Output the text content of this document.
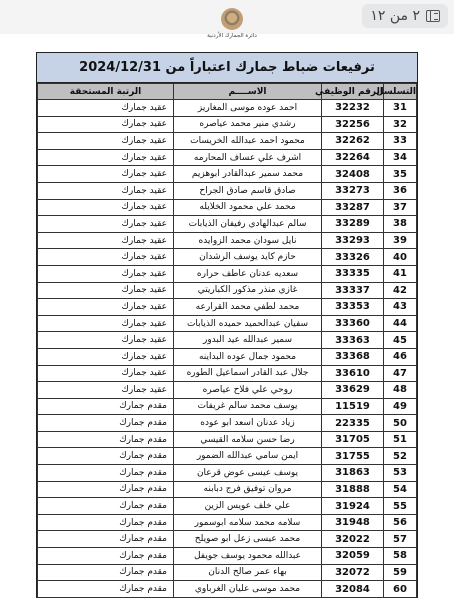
٢ من ١٢
دائرة الجمارك الأردنية
ترفيعات ضباط جمارك اعتباراً من 2024/12/31
التسلسل	الرقم الوظيفي	الاســــم	الرتبة المستحقة
31	32232	احمد عوده موسى المغاريز	عقيد جمارك
32	32256	رشدي منير محمد عياصره	عقيد جمارك
33	32262	محمود احمد عبدالله الخريسات	عقيد جمارك
34	32264	اشرف علي عساف المحارمه	عقيد جمارك
35	32408	محمد سمير عبدالقادر ابوهزيم	عقيد جمارك
36	33273	صادق قاسم صادق الجراح	عقيد جمارك
37	33287	محمد علي محمود الخلايله	عقيد جمارك
38	33289	سالم عبدالهادي رفيفان الذيابات	عقيد جمارك
39	33293	نايل سودان محمد الزوايده	عقيد جمارك
40	33326	حازم كايد يوسف الرشدان	عقيد جمارك
41	33335	سعديه عدنان عاطف حراره	عقيد جمارك
42	33337	غازي منذر مذكور الكباريتي	عقيد جمارك
43	33353	محمد لطفي محمد القرارعه	عقيد جمارك
44	33360	سفيان عبدالحميد حميده الذيابات	عقيد جمارك
45	33363	سمير عبدالله عيد البدور	عقيد جمارك
46	33368	محمود جمال عوده البداينه	عقيد جمارك
47	33610	جلال عبد القادر اسماعيل الطوره	عقيد جمارك
48	33629	روحي علي فلاح عياصره	عقيد جمارك
49	11519	يوسف محمد سالم غريفات	مقدم جمارك
50	22335	زياد عدنان اسعد ابو عوده	مقدم جمارك
51	31705	رضا حسن سلامه القيسي	مقدم جمارك
52	31755	ايمن سامي عبدالله الضمور	مقدم جمارك
53	31863	يوسف عيسى عوض قرعان	مقدم جمارك
54	31888	مروان توفيق فرج دبابنه	مقدم جمارك
55	31924	علي خلف عويس الزين	مقدم جمارك
56	31948	سلامه محمد سلامه ابوسمور	مقدم جمارك
57	32022	محمد عيسى زعل ابو صويلح	مقدم جمارك
58	32059	عبدالله محمود يوسف جويفل	مقدم جمارك
59	32072	بهاء عمر صالح الدنان	مقدم جمارك
60	32084	محمد موسى عليان الغرباوي	مقدم جمارك
